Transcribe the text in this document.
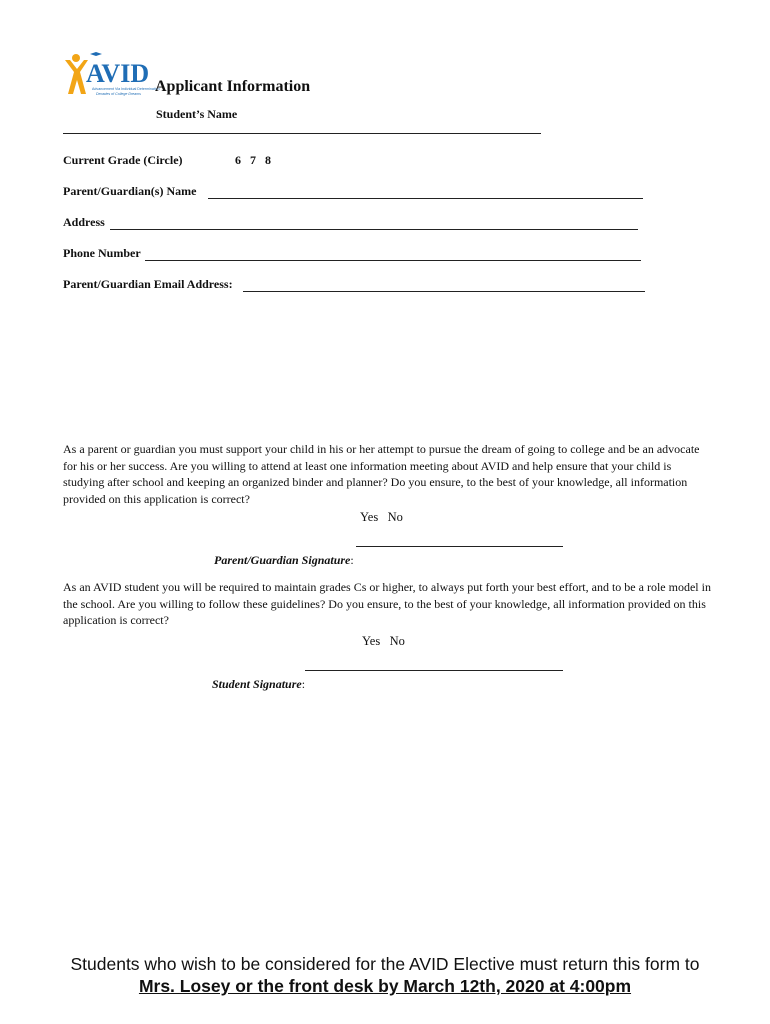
AVID
Advancement Via Individual Determination
Decades of College Dreams Applicant Information
Student’s Name
Current Grade (Circle)	6   7   8
Parent/Guardian(s) Name
Address
Phone Number
Parent/Guardian Email Address:
As a parent or guardian you must support your child in his or her attempt to pursue the dream of going to college and be an advocate for his or her success. Are you willing to attend at least one information meeting about AVID and help ensure that your child is studying after school and keeping an organized binder and planner? Do you ensure, to the best of your knowledge, all information provided on this application is correct?
Yes   No

Parent/Guardian Signature:

As an AVID student you will be required to maintain grades Cs or higher, to always put forth your best effort, and to be a role model in the school. Are you willing to follow these guidelines? Do you ensure, to the best of your knowledge, all information provided on this application is correct?
Yes   No

Student Signature:

Students who wish to be considered for the AVID Elective must return this form to
Mrs. Losey or the front desk by March 12th, 2020 at 4:00pm
